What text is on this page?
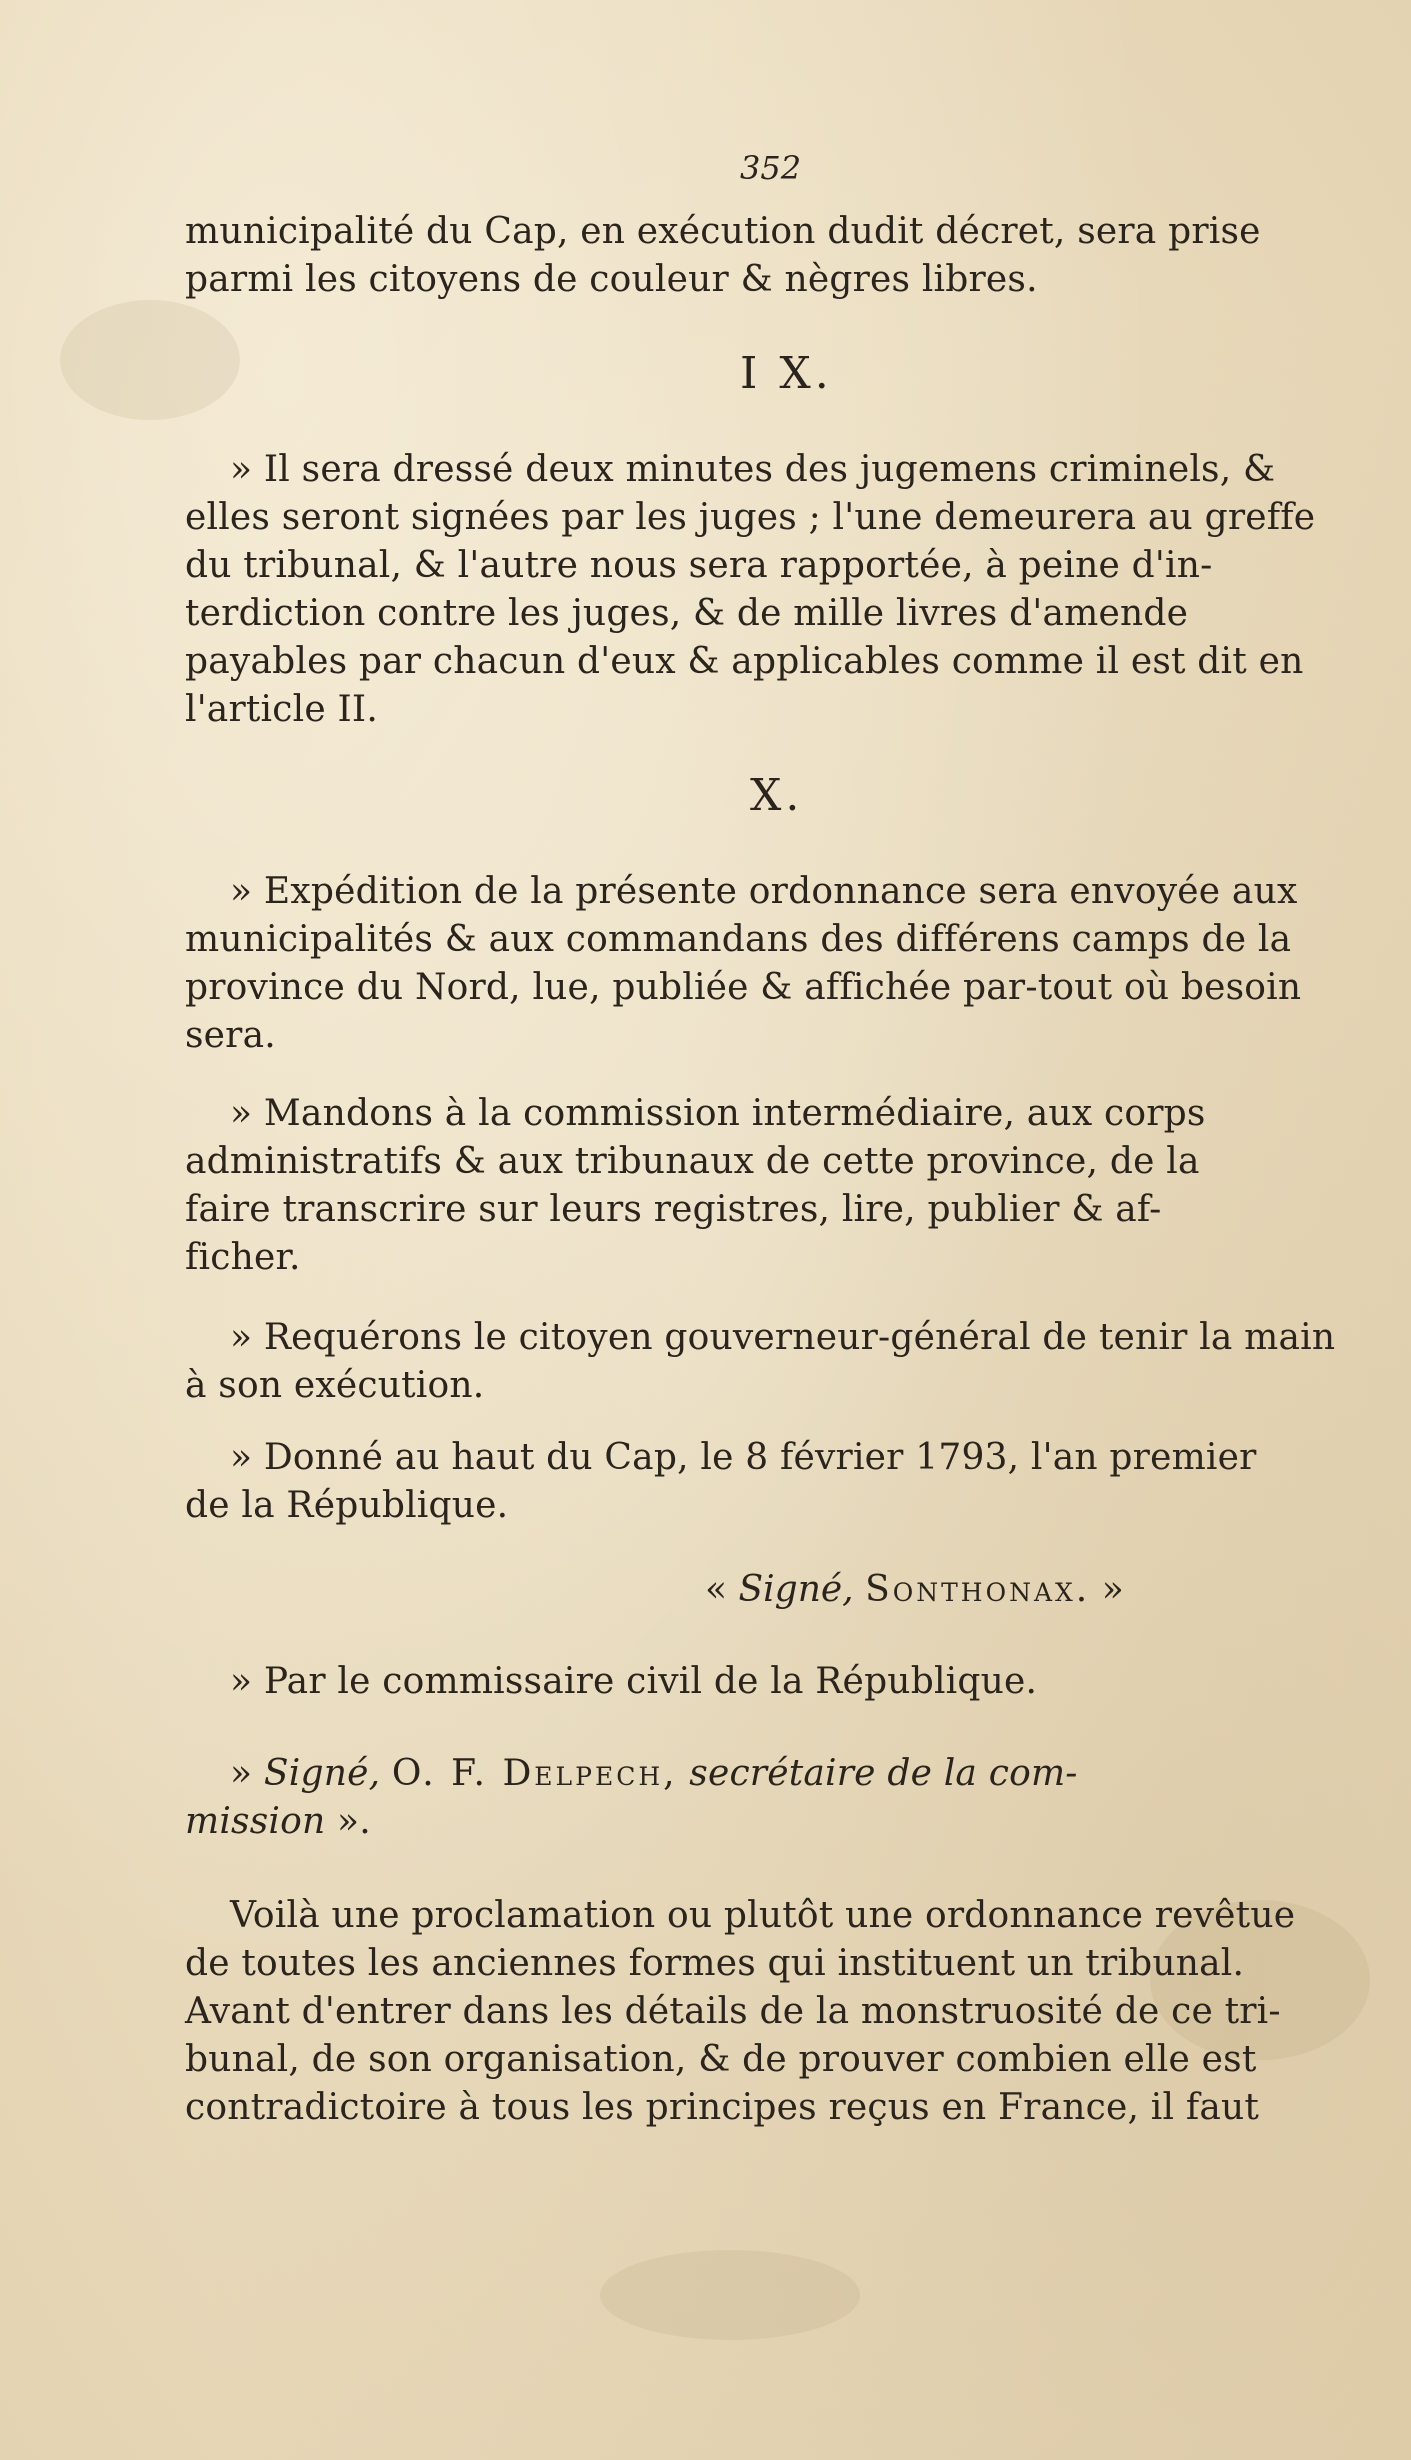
352
municipalité du Cap, en exécution dudit décret, sera prise
parmi les citoyens de couleur & nègres libres.
I X.
» Il sera dressé deux minutes des jugemens criminels, &
elles seront signées par les juges ; l'une demeurera au greffe
du tribunal, & l'autre nous sera rapportée, à peine d'in-
terdiction contre les juges, & de mille livres d'amende
payables par chacun d'eux & applicables comme il est dit en
l'article II.
X.
» Expédition de la présente ordonnance sera envoyée aux
municipalités & aux commandans des différens camps de la
province du Nord, lue, publiée & affichée par-tout où besoin
sera.
» Mandons à la commission intermédiaire, aux corps
administratifs & aux tribunaux de cette province, de la
faire transcrire sur leurs registres, lire, publier & af-
ficher.
» Requérons le citoyen gouverneur-général de tenir la main
à son exécution.
» Donné au haut du Cap, le 8 février 1793, l'an premier
de la République.
« Signé, Sonthonax. »
» Par le commissaire civil de la République.
» Signé, O. F. Delpech, secrétaire de la com-
mission ».
Voilà une proclamation ou plutôt une ordonnance revêtue
de toutes les anciennes formes qui instituent un tribunal.
Avant d'entrer dans les détails de la monstruosité de ce tri-
bunal, de son organisation, & de prouver combien elle est
contradictoire à tous les principes reçus en France, il faut
